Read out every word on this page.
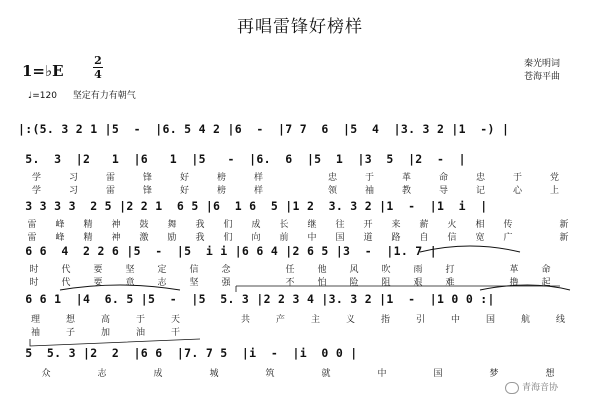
再唱雷锋好榜样
1=♭E
2
4
♩=120 坚定有力有朝气
秦光明词
苍海平曲
|:(5. 3 2 1 |5  -  |6. 5 4 2 |6  -  |7 7  6  |5  4  |3. 3 2 |1  -) |
5.  3  |2   1  |6   1  |5   -  |6.  6  |5  1  |3  5  |2  -  |
学	习	雷	锋	好	榜	样	忠	于	革	命	忠	于	党
学	习	雷	锋	好	榜	样	领	袖	教	导	记	心	上
3 3 3 3  2 5 |2 2 1  6 5 |6  1 6  5 |1 2  3. 3 2 |1  -  |1  i  |
雷 峰 精 神 鼓 舞 我 们 成 长 继 往 开 来 薪 火 相 传	新
雷 峰 精 神 激 励 我 们 向 前 中 国 道 路 自 信 宽 广	新
6 6  4  2 2 6 |5  -  |5  i i |6 6 4 |2 6 5 |3  -  |1. 7 |
时	代	要	坚	定	信	念	任	他	风	吹	雨	打	革	命
时	代	要	意	志	坚	强	不	怕	险	阻	艰	难	撸	起
6 6 1  |4  6. 5 |5  -  |5  5. 3 |2 2 3 4 |3. 3 2 |1  -  |1 0 0 :|
理	想	高	于	天	共	产	主	义	指	引	中	国	航	线
袖	子	加	油	干
5  5. 3 |2  2  |6 6  |7. 7 5  |i  -  |i  0 0 |
众	志	成	城	筑	就	中	国	梦	想
青海音协
